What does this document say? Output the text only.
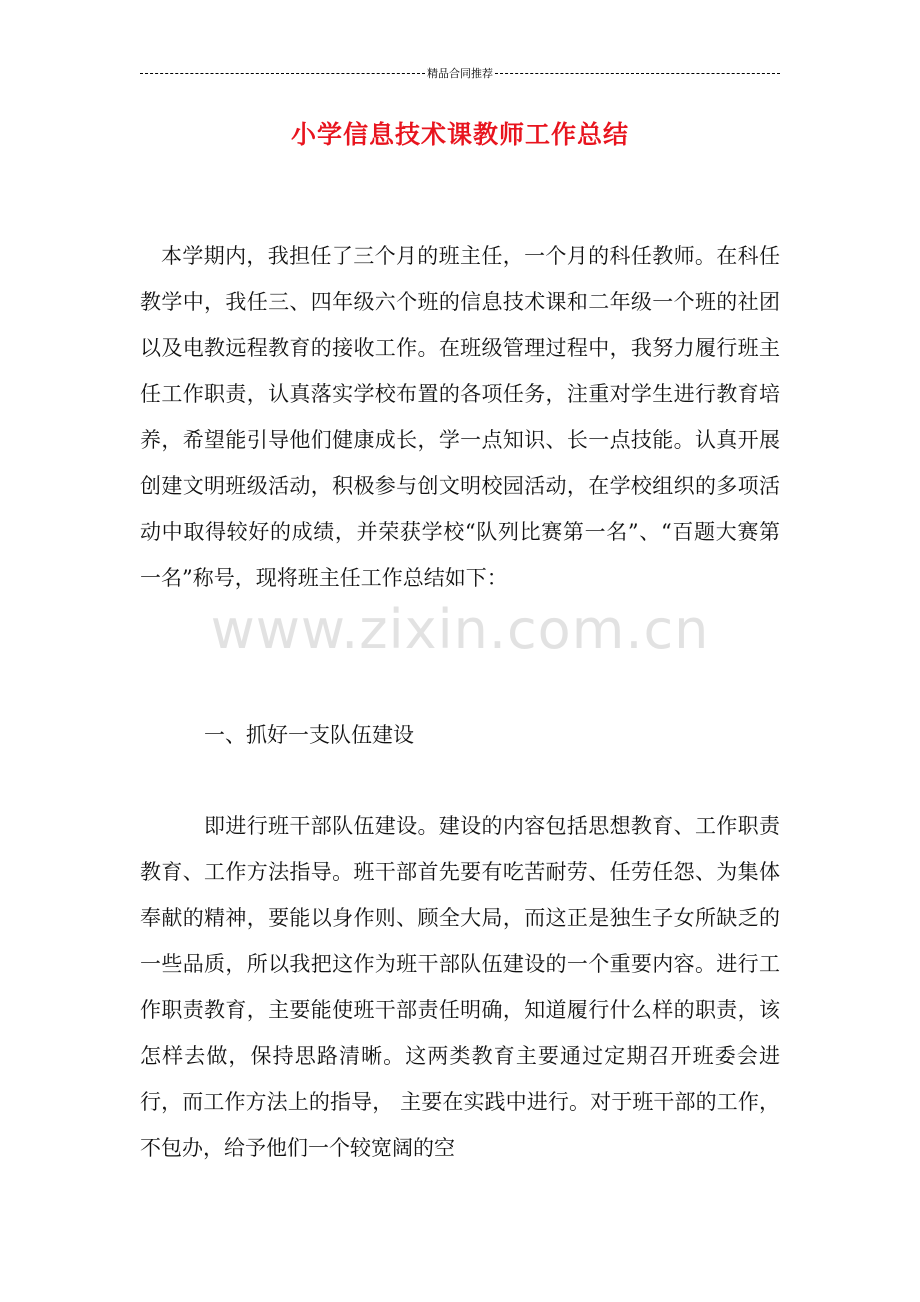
精品合同推荐
小学信息技术课教师工作总结

本学期内，我担任了三个月的班主任，一个月的科任教师。在科任教学中，我任三、四年级六个班的信息技术课和二年级一个班的社团以及电教远程教育的接收工作。在班级管理过程中，我努力履行班主任工作职责，认真落实学校布置的各项任务，注重对学生进行教育培养，希望能引导他们健康成长，学一点知识、长一点技能。认真开展创建文明班级活动，积极参与创文明校园活动，在学校组织的多项活动中取得较好的成绩，并荣获学校“队列比赛第一名”、“百题大赛第一名”称号，现将班主任工作总结如下：

一、抓好一支队伍建设

即进行班干部队伍建设。建设的内容包括思想教育、工作职责教育、工作方法指导。班干部首先要有吃苦耐劳、任劳任怨、为集体奉献的精神，要能以身作则、顾全大局，而这正是独生子女所缺乏的一些品质，所以我把这作为班干部队伍建设的一个重要内容。进行工作职责教育，主要能使班干部责任明确，知道履行什么样的职责，该怎样去做，保持思路清晰。这两类教育主要通过定期召开班委会进行，而工作方法上的指导， 主要在实践中进行。对于班干部的工作，不包办，给予他们一个较宽阔的空

www.zixin.com.cn
